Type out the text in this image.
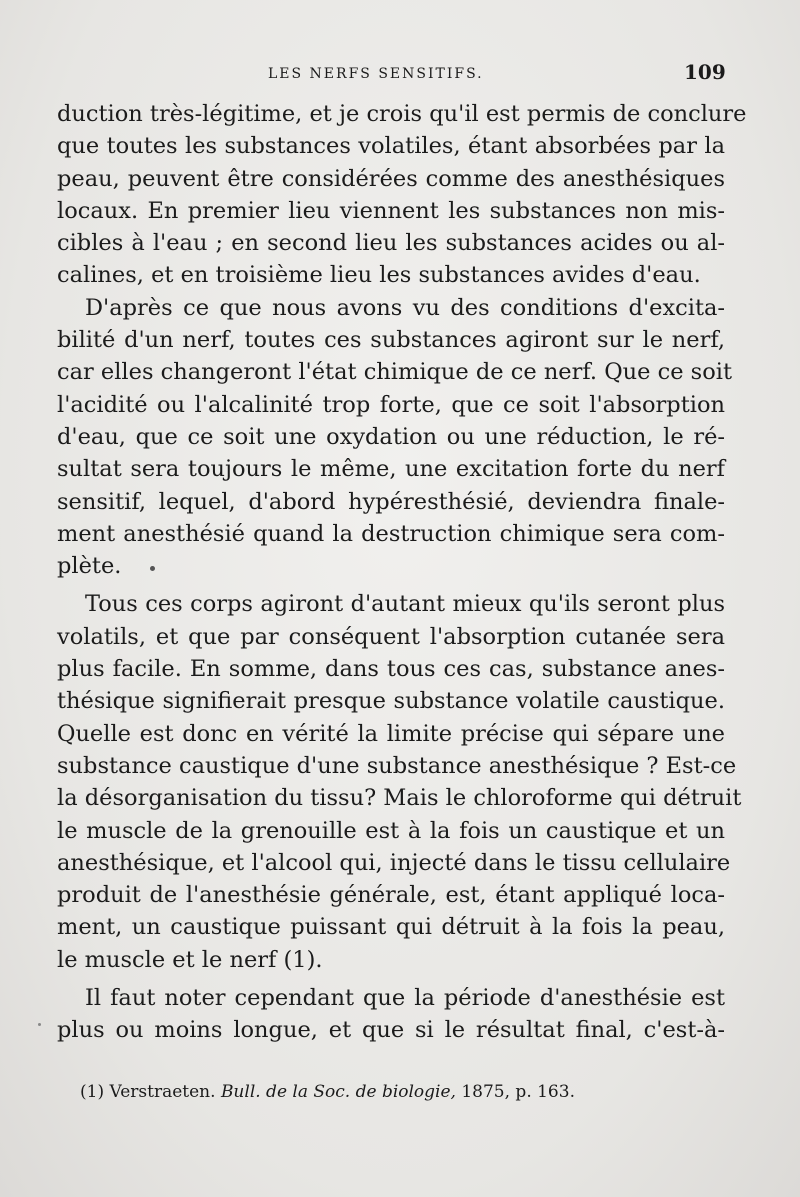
LES NERFS SENSITIFS.	109
duction très-légitime, et je crois qu'il est permis de conclure
que toutes les substances volatiles, étant absorbées par la
peau, peuvent être considérées comme des anesthésiques
locaux. En premier lieu viennent les substances non mis-
cibles à l'eau ; en second lieu les substances acides ou al-
calines, et en troisième lieu les substances avides d'eau.
D'après ce que nous avons vu des conditions d'excita-
bilité d'un nerf, toutes ces substances agiront sur le nerf,
car elles changeront l'état chimique de ce nerf. Que ce soit
l'acidité ou l'alcalinité trop forte, que ce soit l'absorption
d'eau, que ce soit une oxydation ou une réduction, le ré-
sultat sera toujours le même, une excitation forte du nerf
sensitif, lequel, d'abord hypéresthésié, deviendra finale-
ment anesthésié quand la destruction chimique sera com-
plète.
Tous ces corps agiront d'autant mieux qu'ils seront plus
volatils, et que par conséquent l'absorption cutanée sera
plus facile. En somme, dans tous ces cas, substance anes-
thésique signifierait presque substance volatile caustique.
Quelle est donc en vérité la limite précise qui sépare une
substance caustique d'une substance anesthésique ? Est-ce
la désorganisation du tissu? Mais le chloroforme qui détruit
le muscle de la grenouille est à la fois un caustique et un
anesthésique, et l'alcool qui, injecté dans le tissu cellulaire
produit de l'anesthésie générale, est, étant appliqué loca-
ment, un caustique puissant qui détruit à la fois la peau,
le muscle et le nerf (1).
Il faut noter cependant que la période d'anesthésie est
plus ou moins longue, et que si le résultat final, c'est-à-
(1) Verstraeten. Bull. de la Soc. de biologie, 1875, p. 163.
